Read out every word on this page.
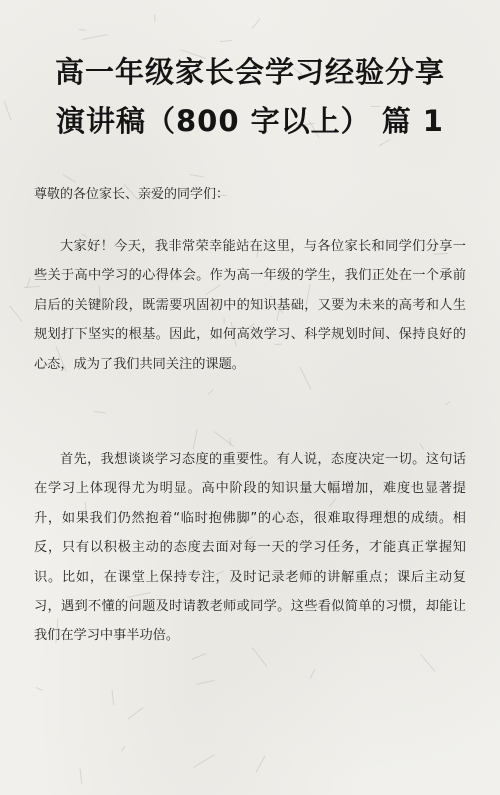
高一年级家长会学习经验分享
演讲稿（800 字以上） 篇 1
尊敬的各位家长、亲爱的同学们：

大家好！今天，我非常荣幸能站在这里，与各位家长和同学们分享一些关于高中学习的心得体会。作为高一年级的学生，我们正处在一个承前启后的关键阶段，既需要巩固初中的知识基础，又要为未来的高考和人生规划打下坚实的根基。因此，如何高效学习、科学规划时间、保持良好的心态，成为了我们共同关注的课题。

首先，我想谈谈学习态度的重要性。有人说，态度决定一切。这句话在学习上体现得尤为明显。高中阶段的知识量大幅增加，难度也显著提升，如果我们仍然抱着“临时抱佛脚”的心态，很难取得理想的成绩。相反，只有以积极主动的态度去面对每一天的学习任务，才能真正掌握知识。比如，在课堂上保持专注，及时记录老师的讲解重点；课后主动复习，遇到不懂的问题及时请教老师或同学。这些看似简单的习惯，却能让我们在学习中事半功倍。
